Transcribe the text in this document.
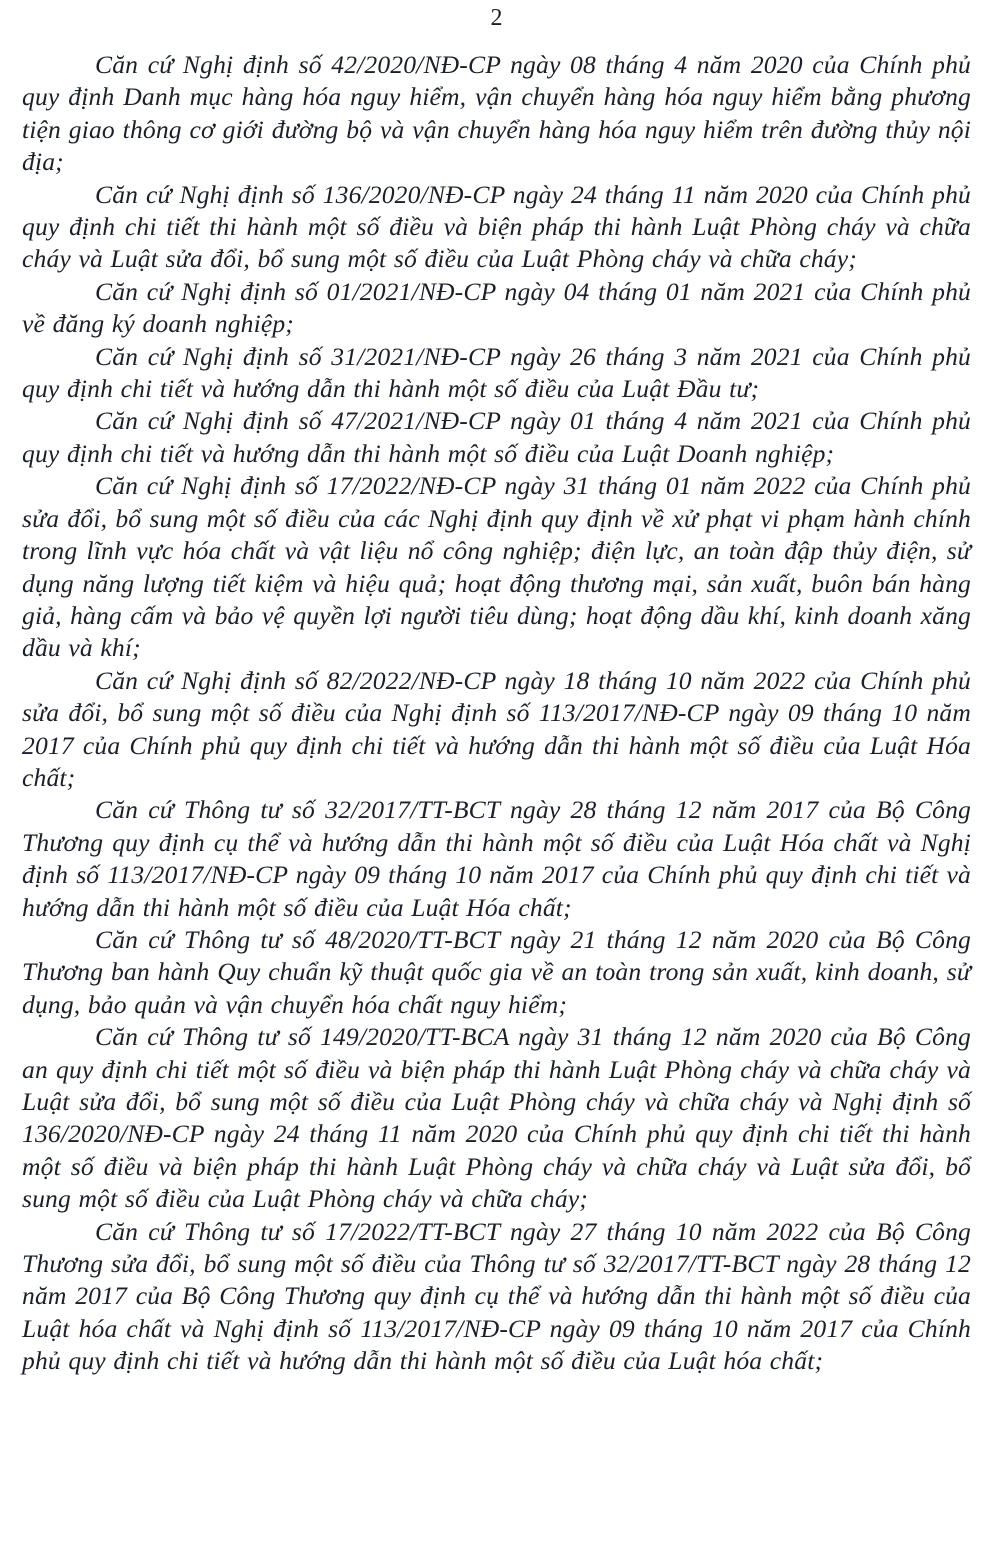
2

Căn cứ Nghị định số 42/2020/NĐ-CP ngày 08 tháng 4 năm 2020 của Chính phủ quy định Danh mục hàng hóa nguy hiểm, vận chuyển hàng hóa nguy hiểm bằng phương tiện giao thông cơ giới đường bộ và vận chuyển hàng hóa nguy hiểm trên đường thủy nội địa;

Căn cứ Nghị định số 136/2020/NĐ-CP ngày 24 tháng 11 năm 2020 của Chính phủ quy định chi tiết thi hành một số điều và biện pháp thi hành Luật Phòng cháy và chữa cháy và Luật sửa đổi, bổ sung một số điều của Luật Phòng cháy và chữa cháy;

Căn cứ Nghị định số 01/2021/NĐ-CP ngày 04 tháng 01 năm 2021 của Chính phủ về đăng ký doanh nghiệp;

Căn cứ Nghị định số 31/2021/NĐ-CP ngày 26 tháng 3 năm 2021 của Chính phủ quy định chi tiết và hướng dẫn thi hành một số điều của Luật Đầu tư;

Căn cứ Nghị định số 47/2021/NĐ-CP ngày 01 tháng 4 năm 2021 của Chính phủ quy định chi tiết và hướng dẫn thi hành một số điều của Luật Doanh nghiệp;

Căn cứ Nghị định số 17/2022/NĐ-CP ngày 31 tháng 01 năm 2022 của Chính phủ sửa đổi, bổ sung một số điều của các Nghị định quy định về xử phạt vi phạm hành chính trong lĩnh vực hóa chất và vật liệu nổ công nghiệp; điện lực, an toàn đập thủy điện, sử dụng năng lượng tiết kiệm và hiệu quả; hoạt động thương mại, sản xuất, buôn bán hàng giả, hàng cấm và bảo vệ quyền lợi người tiêu dùng; hoạt động dầu khí, kinh doanh xăng dầu và khí;

Căn cứ Nghị định số 82/2022/NĐ-CP ngày 18 tháng 10 năm 2022 của Chính phủ sửa đổi, bổ sung một số điều của Nghị định số 113/2017/NĐ-CP ngày 09 tháng 10 năm 2017 của Chính phủ quy định chi tiết và hướng dẫn thi hành một số điều của Luật Hóa chất;

Căn cứ Thông tư số 32/2017/TT-BCT ngày 28 tháng 12 năm 2017 của Bộ Công Thương quy định cụ thể và hướng dẫn thi hành một số điều của Luật Hóa chất và Nghị định số 113/2017/NĐ-CP ngày 09 tháng 10 năm 2017 của Chính phủ quy định chi tiết và hướng dẫn thi hành một số điều của Luật Hóa chất;

Căn cứ Thông tư số 48/2020/TT-BCT ngày 21 tháng 12 năm 2020 của Bộ Công Thương ban hành Quy chuẩn kỹ thuật quốc gia về an toàn trong sản xuất, kinh doanh, sử dụng, bảo quản và vận chuyển hóa chất nguy hiểm;

Căn cứ Thông tư số 149/2020/TT-BCA ngày 31 tháng 12 năm 2020 của Bộ Công an quy định chi tiết một số điều và biện pháp thi hành Luật Phòng cháy và chữa cháy và Luật sửa đổi, bổ sung một số điều của Luật Phòng cháy và chữa cháy và Nghị định số 136/2020/NĐ-CP ngày 24 tháng 11 năm 2020 của Chính phủ quy định chi tiết thi hành một số điều và biện pháp thi hành Luật Phòng cháy và chữa cháy và Luật sửa đổi, bổ sung một số điều của Luật Phòng cháy và chữa cháy;

Căn cứ Thông tư số 17/2022/TT-BCT ngày 27 tháng 10 năm 2022 của Bộ Công Thương sửa đổi, bổ sung một số điều của Thông tư số 32/2017/TT-BCT ngày 28 tháng 12 năm 2017 của Bộ Công Thương quy định cụ thể và hướng dẫn thi hành một số điều của Luật hóa chất và Nghị định số 113/2017/NĐ-CP ngày 09 tháng 10 năm 2017 của Chính phủ quy định chi tiết và hướng dẫn thi hành một số điều của Luật hóa chất;
